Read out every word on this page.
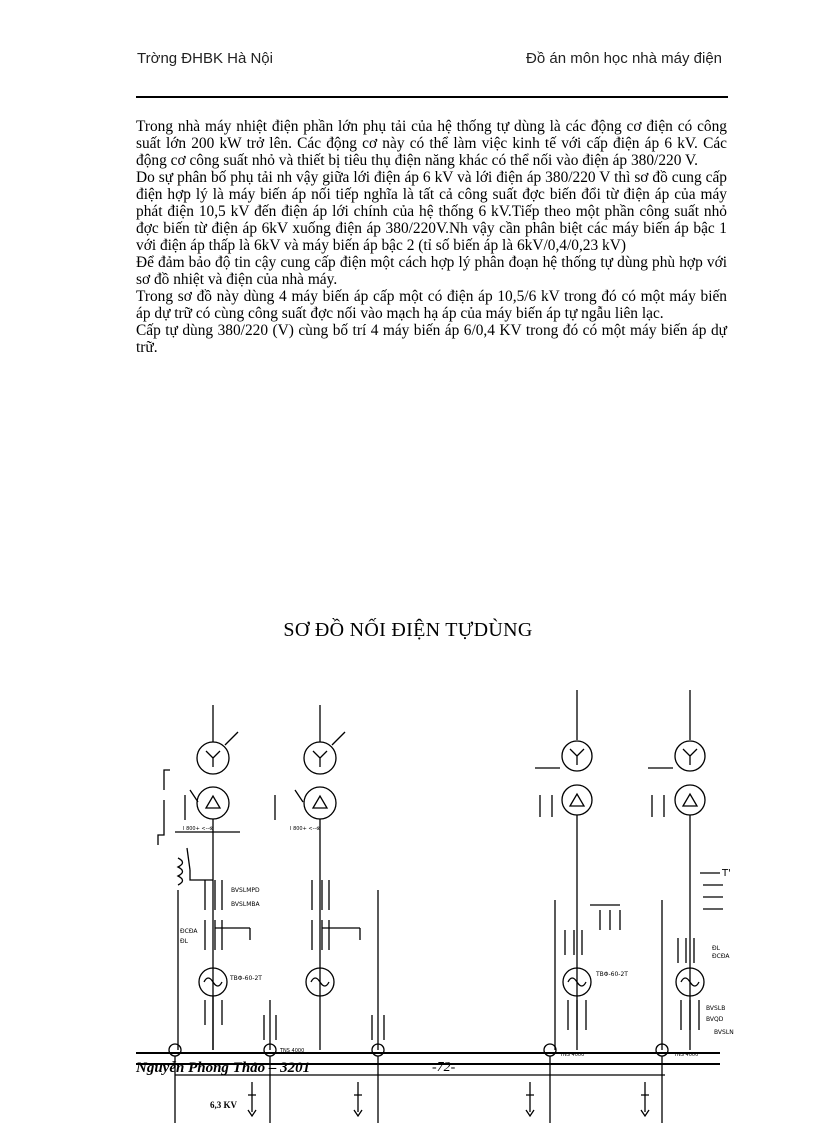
Trờng ĐHBK Hà Nội	Đồ án môn học nhà máy điện

Trong nhà máy nhiệt điện phần lớn phụ tải của hệ thống tự dùng là các động cơ điện có công suất lớn 200 kW trở lên. Các động cơ này có thể làm việc kinh tế với cấp điện áp 6 kV. Các động cơ công suất nhỏ và thiết bị tiêu thụ điện năng khác có thể nối vào điện áp 380/220 V.

Do sự phân bố phụ tải nh vậy giữa lới điện áp 6 kV và lới điện áp 380/220 V thì sơ đồ cung cấp điện hợp lý là máy biến áp nối tiếp nghĩa là tất cả công suất đợc biến đổi từ điện áp của máy phát điện 10,5 kV đến điện áp lới chính của hệ thống 6 kV.Tiếp theo một phần công suất nhỏ đợc biến từ điện áp 6kV xuống điện áp 380/220V.Nh vậy cần phân biệt các máy biến áp bậc 1 với điện áp thấp là 6kV và máy biến áp bậc 2 (tỉ số biến áp là 6kV/0,4/0,23 kV)

Để đảm bảo độ tin cậy cung cấp điện một cách hợp lý phân đoạn hệ thống tự dùng phù hợp với sơ đồ nhiệt và điện của nhà máy.

Trong sơ đồ này dùng 4 máy biến áp cấp một có điện áp 10,5/6 kV trong đó có một máy biến áp dự trữ có cùng công suất đợc nối vào mạch hạ áp của máy biến áp tự ngẫu liên lạc.

Cấp tự dùng 380/220 (V) cùng bố trí 4 máy biến áp 6/0,4 KV trong đó có một máy biến áp dự trữ.

SƠ ĐỒ NỐI ĐIỆN TỰDÙNG
BVSLMPD
BVSLMBA
ĐCĐA
ĐL
TBΦ-60-2T
TBΦ-60-2T
ĐL
ĐCĐA
BVSLB
BVQD
BVSLN
TNS 4000
TNS 4000	TNS 4000
I 800+ <--⊗	I 800+ <--⊗
T'
Nguyễn Phong Thảo – 3201	-72-
6,3 KV
